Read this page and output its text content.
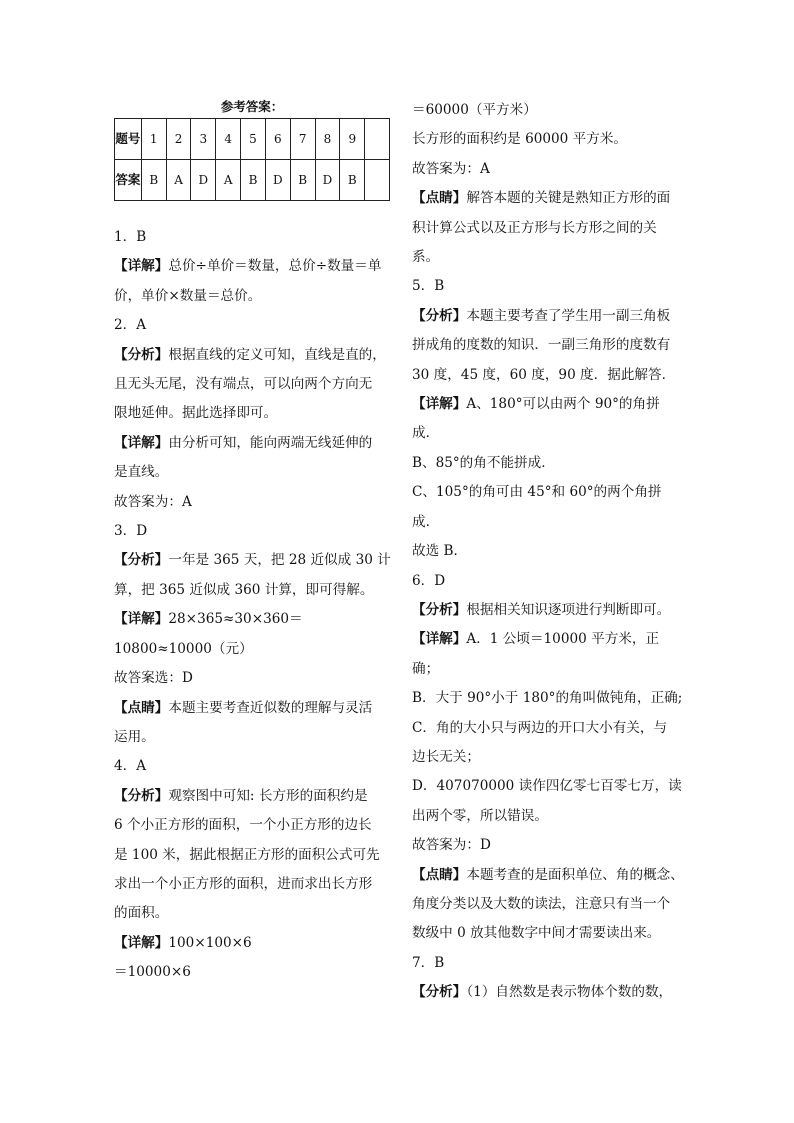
参考答案：
题号	1	2	3	4	5	6	7	8	9	
答案	B	A	D	A	B	D	B	D	B	

1．B

【详解】总价÷单价＝数量，总价÷数量＝单

价，单价×数量＝总价。

2．A

【分析】根据直线的定义可知，直线是直的，

且无头无尾，没有端点，可以向两个方向无

限地延伸。据此选择即可。

【详解】由分析可知，能向两端无线延伸的

是直线。

故答案为：A

3．D

【分析】一年是 365 天，把 28 近似成 30 计

算，把 365 近似成 360 计算，即可得解。

【详解】28×365≈30×360＝10800≈10000（元）

故答案选：D

【点睛】本题主要考查近似数的理解与灵活

运用。

4．A

【分析】观察图中可知: 长方形的面积约是

6 个小正方形的面积，一个小正方形的边长

是 100 米，据此根据正方形的面积公式可先

求出一个小正方形的面积，进而求出长方形

的面积。

【详解】100×100×6

＝10000×6

＝60000（平方米）

长方形的面积约是 60000 平方米。

故答案为：A

【点睛】解答本题的关键是熟知正方形的面

积计算公式以及正方形与长方形之间的关

系。

5．B

【分析】本题主要考查了学生用一副三角板

拼成角的度数的知识．一副三角形的度数有

30 度，45 度，60 度，90 度．据此解答．

【详解】A、180°可以由两个 90°的角拼

成．

B、85°的角不能拼成．

C、105°的角可由 45°和 60°的两个角拼

成．

故选 B．

6．D

【分析】根据相关知识逐项进行判断即可。

【详解】A．1 公顷＝10000 平方米，正确；

B．大于 90°小于 180°的角叫做钝角，正确;

C．角的大小只与两边的开口大小有关，与

边长无关；

D．407070000 读作四亿零七百零七万，读

出两个零，所以错误。

故答案为：D

【点睛】本题考查的是面积单位、角的概念、

角度分类以及大数的读法，注意只有当一个

数级中 0 放其他数字中间才需要读出来。

7．B

【分析】（1）自然数是表示物体个数的数，
